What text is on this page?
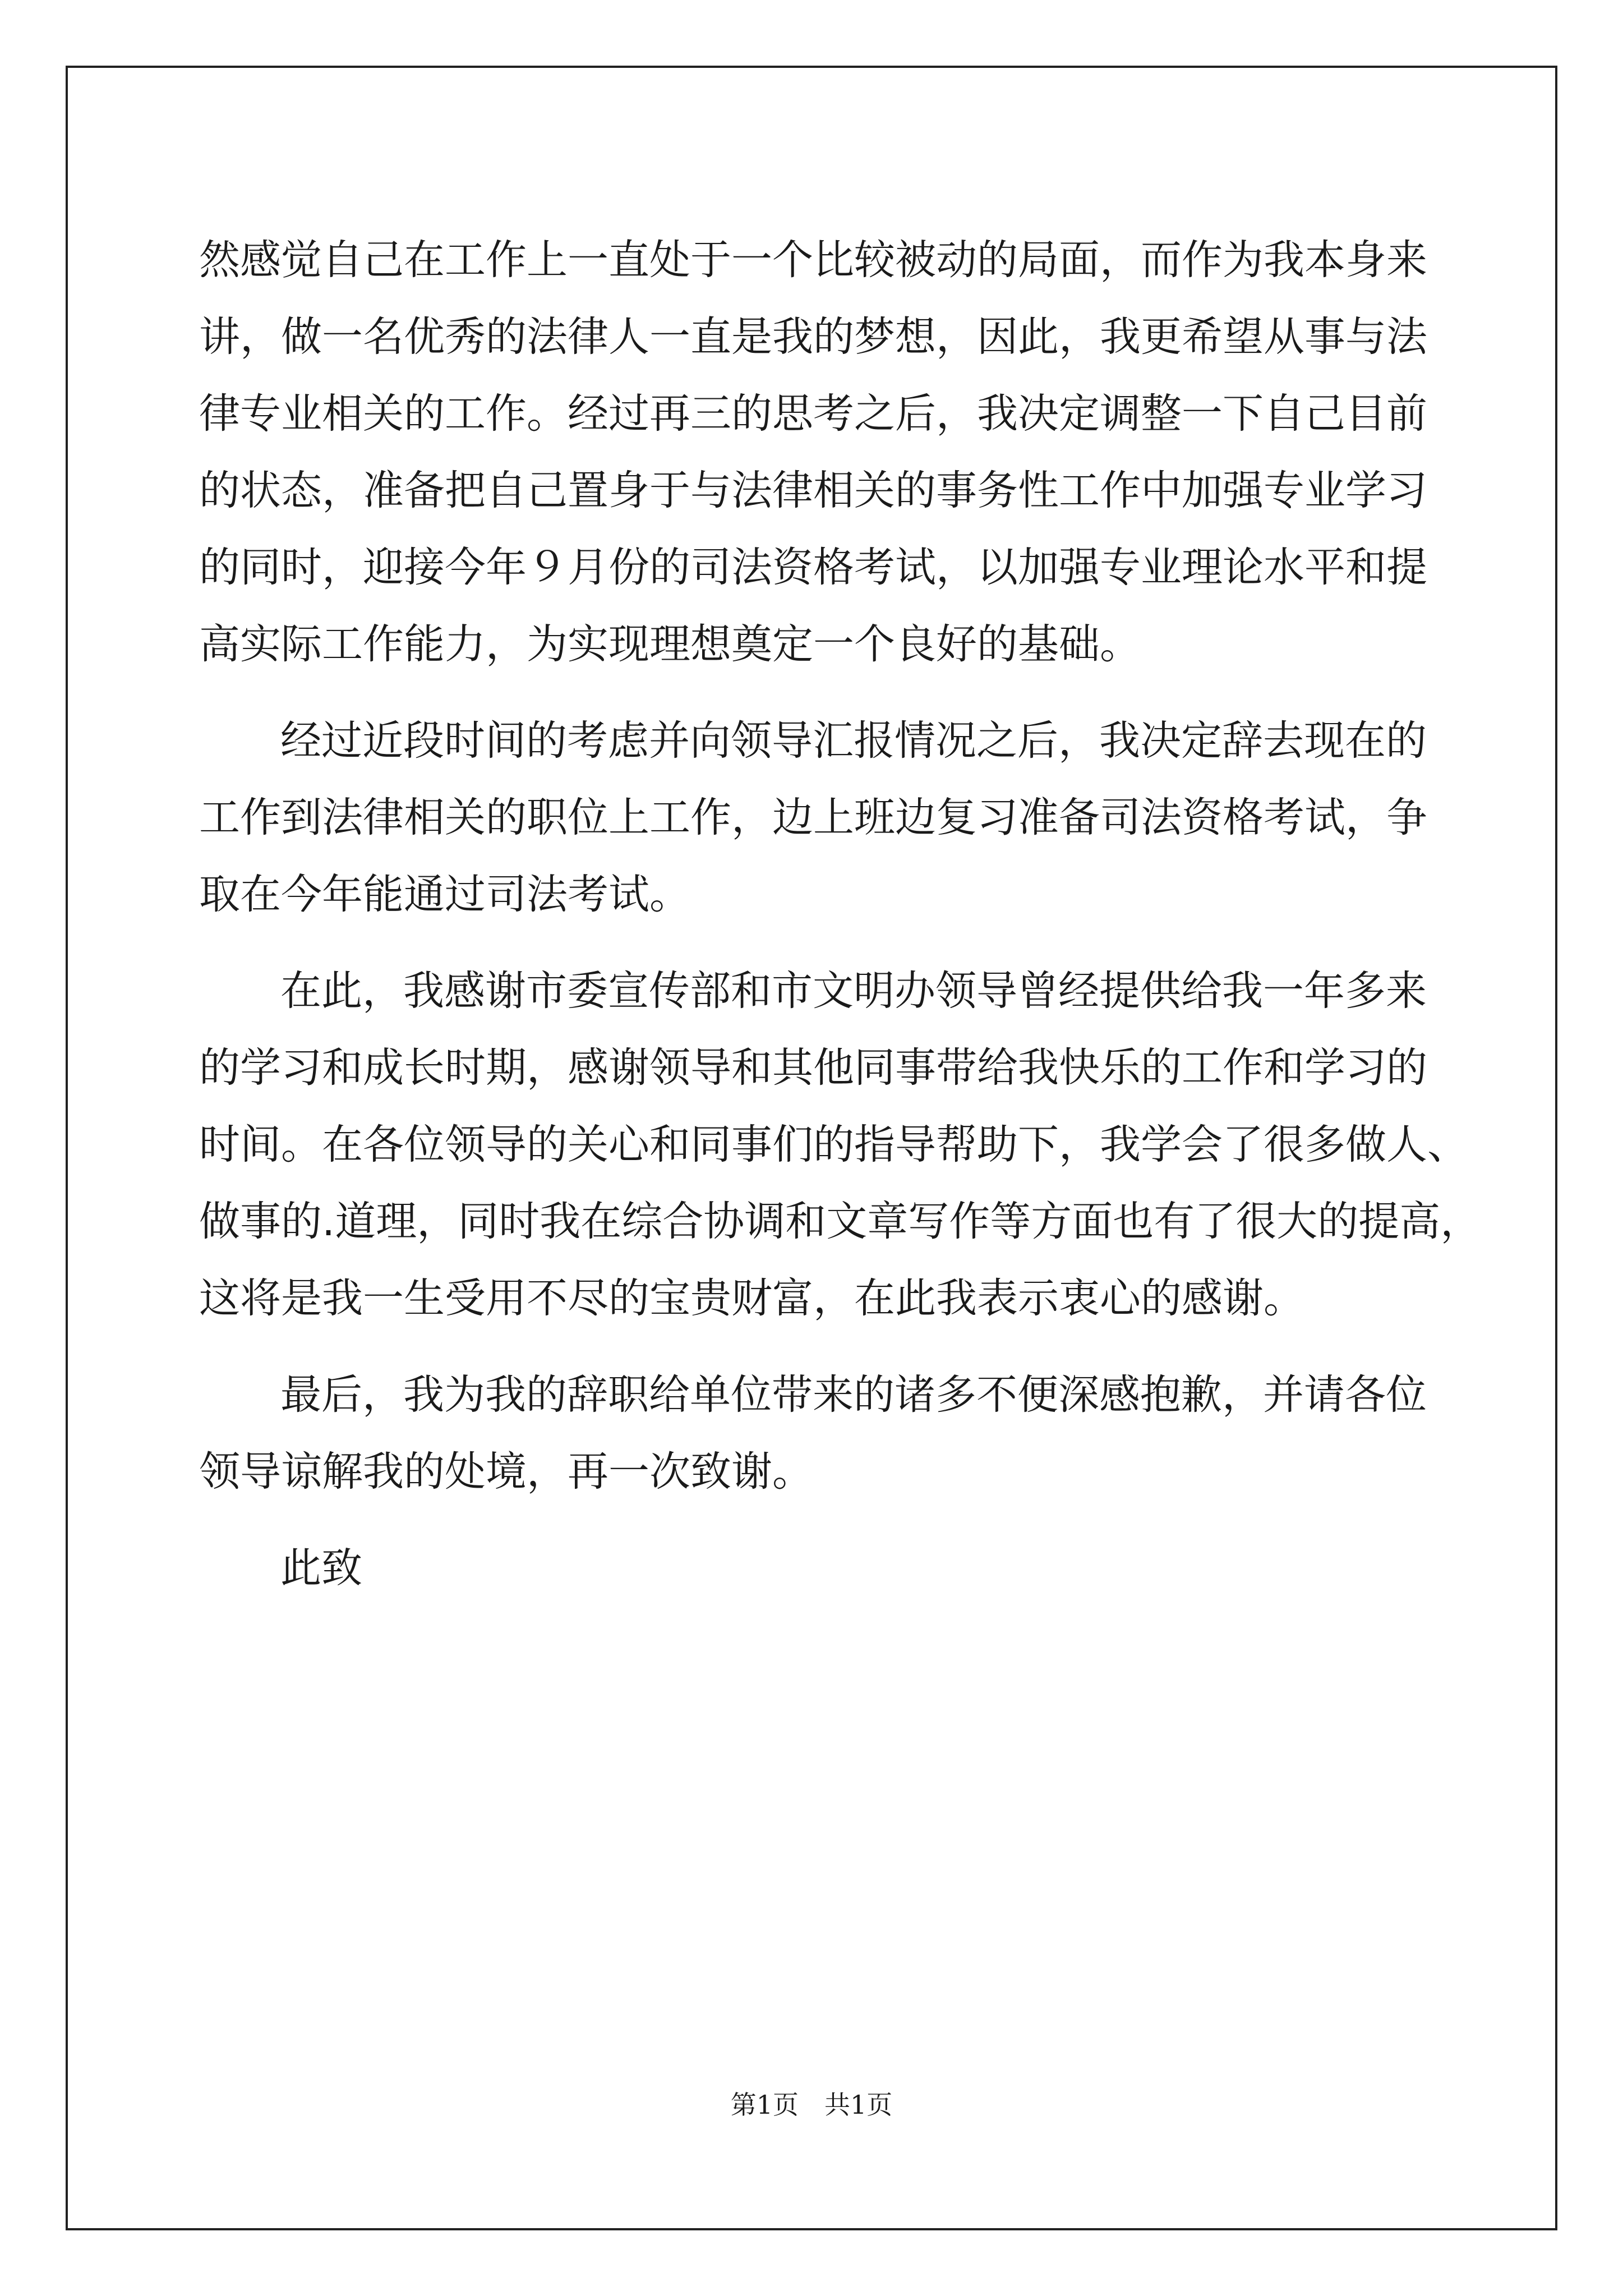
然感觉自己在工作上一直处于一个比较被动的局面，而作为我本身来
讲，做一名优秀的法律人一直是我的梦想，因此，我更希望从事与法
律专业相关的工作。经过再三的思考之后，我决定调整一下自己目前
的状态，准备把自己置身于与法律相关的事务性工作中加强专业学习
的同时，迎接今年９月份的司法资格考试，以加强专业理论水平和提
高实际工作能力，为实现理想奠定一个良好的基础。
经过近段时间的考虑并向领导汇报情况之后，我决定辞去现在的
工作到法律相关的职位上工作，边上班边复习准备司法资格考试，争
取在今年能通过司法考试。
在此，我感谢市委宣传部和市文明办领导曾经提供给我一年多来
的学习和成长时期，感谢领导和其他同事带给我快乐的工作和学习的
时间。在各位领导的关心和同事们的指导帮助下，我学会了很多做人、
做事的.道理，同时我在综合协调和文章写作等方面也有了很大的提高，
这将是我一生受用不尽的宝贵财富，在此我表示衷心的感谢。
最后，我为我的辞职给单位带来的诸多不便深感抱歉，并请各位
领导谅解我的处境，再一次致谢。
此致
第1页　共1页
